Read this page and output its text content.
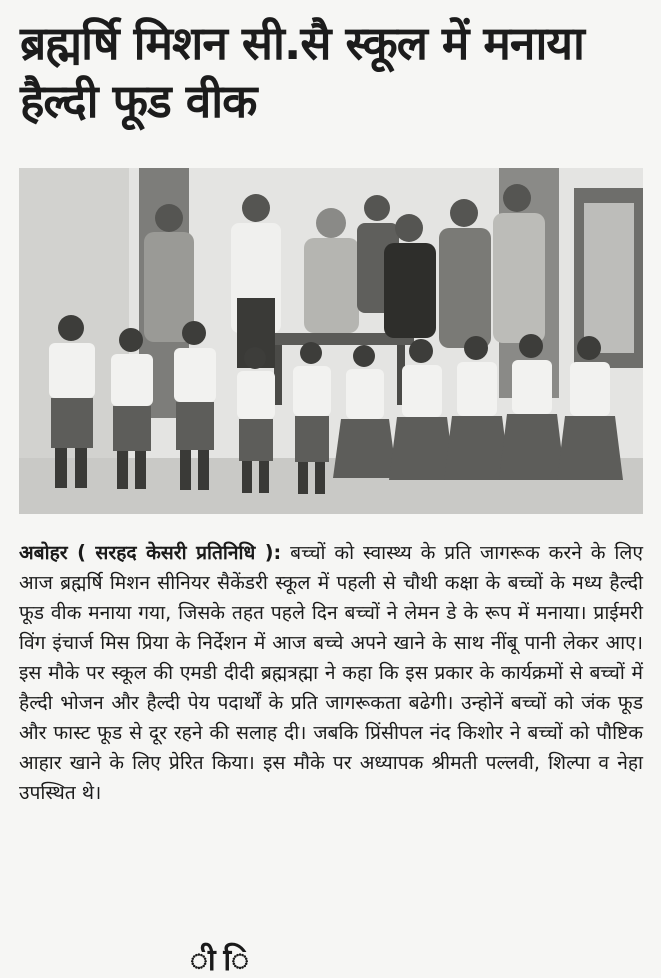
ब्रह्मर्षि मिशन सी.सै स्कूल में मनाया हैल्दी फूड वीक
अबोहर ( सरहद केसरी प्रतिनिधि ): बच्चों को स्वास्थ्य के प्रति जागरूक करने के लिए आज ब्रह्मर्षि मिशन सीनियर सैकेंडरी स्कूल में पहली से चौथी कक्षा के बच्चों के मध्य हैल्दी फूड वीक मनाया गया, जिसके तहत पहले दिन बच्चों ने लेमन डे के रूप में मनाया। प्राईमरी विंग इंचार्ज मिस प्रिया के निर्देशन में आज बच्चे अपने खाने के साथ नींबू पानी लेकर आए। इस मौके पर स्कूल की एमडी दीदी ब्रह्मत्रह्मा ने कहा कि इस प्रकार के कार्यक्रमों से बच्चों में हैल्दी भोजन और हैल्दी पेय पदार्थों के प्रति जागरूकता बढेगी। उन्होनें बच्चों को जंक फूड और फास्ट फूड से दूर रहने की सलाह दी। जबकि प्रिंसीपल नंद किशोर ने बच्चों को पौष्टिक आहार खाने के लिए प्रेरित किया। इस मौके पर अध्यापक श्रीमती पल्लवी, शिल्पा व नेहा उपस्थित थे।
ी ि
